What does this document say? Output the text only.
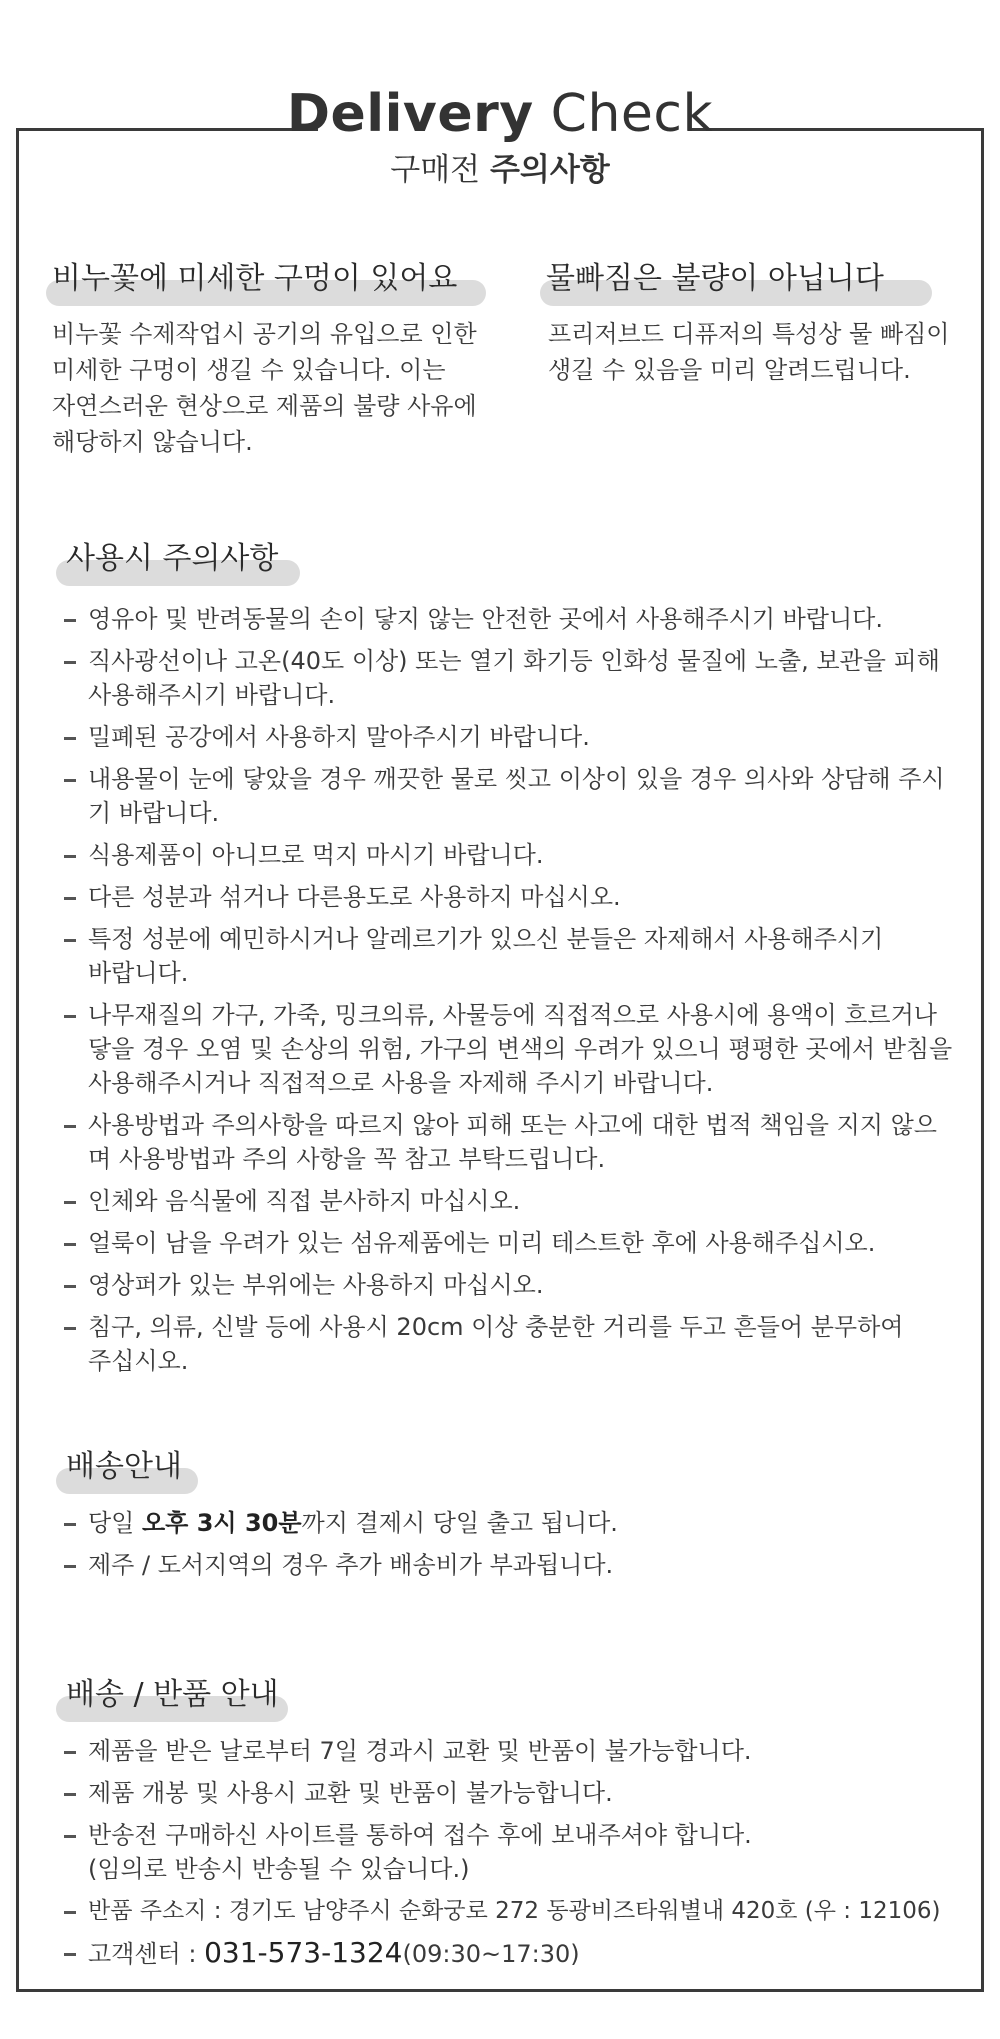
Delivery Check
구매전 주의사항
비누꽃에 미세한 구멍이 있어요
비누꽃 수제작업시 공기의 유입으로 인한
미세한 구멍이 생길 수 있습니다. 이는
자연스러운 현상으로 제품의 불량 사유에
해당하지 않습니다.
물빠짐은 불량이 아닙니다
프리저브드 디퓨저의 특성상 물 빠짐이
생길 수 있음을 미리 알려드립니다.
사용시 주의사항
영유아 및 반려동물의 손이 닿지 않는 안전한 곳에서 사용해주시기 바랍니다.
직사광선이나 고온(40도 이상) 또는 열기 화기등 인화성 물질에 노출, 보관을 피해
사용해주시기 바랍니다.
밀폐된 공강에서 사용하지 말아주시기 바랍니다.
내용물이 눈에 닿았을 경우 깨끗한 물로 씻고 이상이 있을 경우 의사와 상담해 주시
기 바랍니다.
식용제품이 아니므로 먹지 마시기 바랍니다.
다른 성분과 섞거나 다른용도로 사용하지 마십시오.
특정 성분에 예민하시거나 알레르기가 있으신 분들은 자제해서 사용해주시기
바랍니다.
나무재질의 가구, 가죽, 밍크의류, 사물등에 직접적으로 사용시에 용액이 흐르거나
닿을 경우 오염 및 손상의 위험, 가구의 변색의 우려가 있으니 평평한 곳에서 받침을
사용해주시거나 직접적으로 사용을 자제해 주시기 바랍니다.
사용방법과 주의사항을 따르지 않아 피해 또는 사고에 대한 법적 책임을 지지 않으
며 사용방법과 주의 사항을 꼭 참고 부탁드립니다.
인체와 음식물에 직접 분사하지 마십시오.
얼룩이 남을 우려가 있는 섬유제품에는 미리 테스트한 후에 사용해주십시오.
영상퍼가 있는 부위에는 사용하지 마십시오.
침구, 의류, 신발 등에 사용시 20cm 이상 충분한 거리를 두고 흔들어 분무하여
주십시오.
배송안내
당일 오후 3시 30분까지 결제시 당일 출고 됩니다.
제주 / 도서지역의 경우 추가 배송비가 부과됩니다.
배송 / 반품 안내
제품을 받은 날로부터 7일 경과시 교환 및 반품이 불가능합니다.
제품 개봉 및 사용시 교환 및 반품이 불가능합니다.
반송전 구매하신 사이트를 통하여 접수 후에 보내주셔야 합니다.
(임의로 반송시 반송될 수 있습니다.)
반품 주소지 : 경기도 남양주시 순화궁로 272 동광비즈타워별내 420호 (우 : 12106)
고객센터 : 031-573-1324(09:30~17:30)
